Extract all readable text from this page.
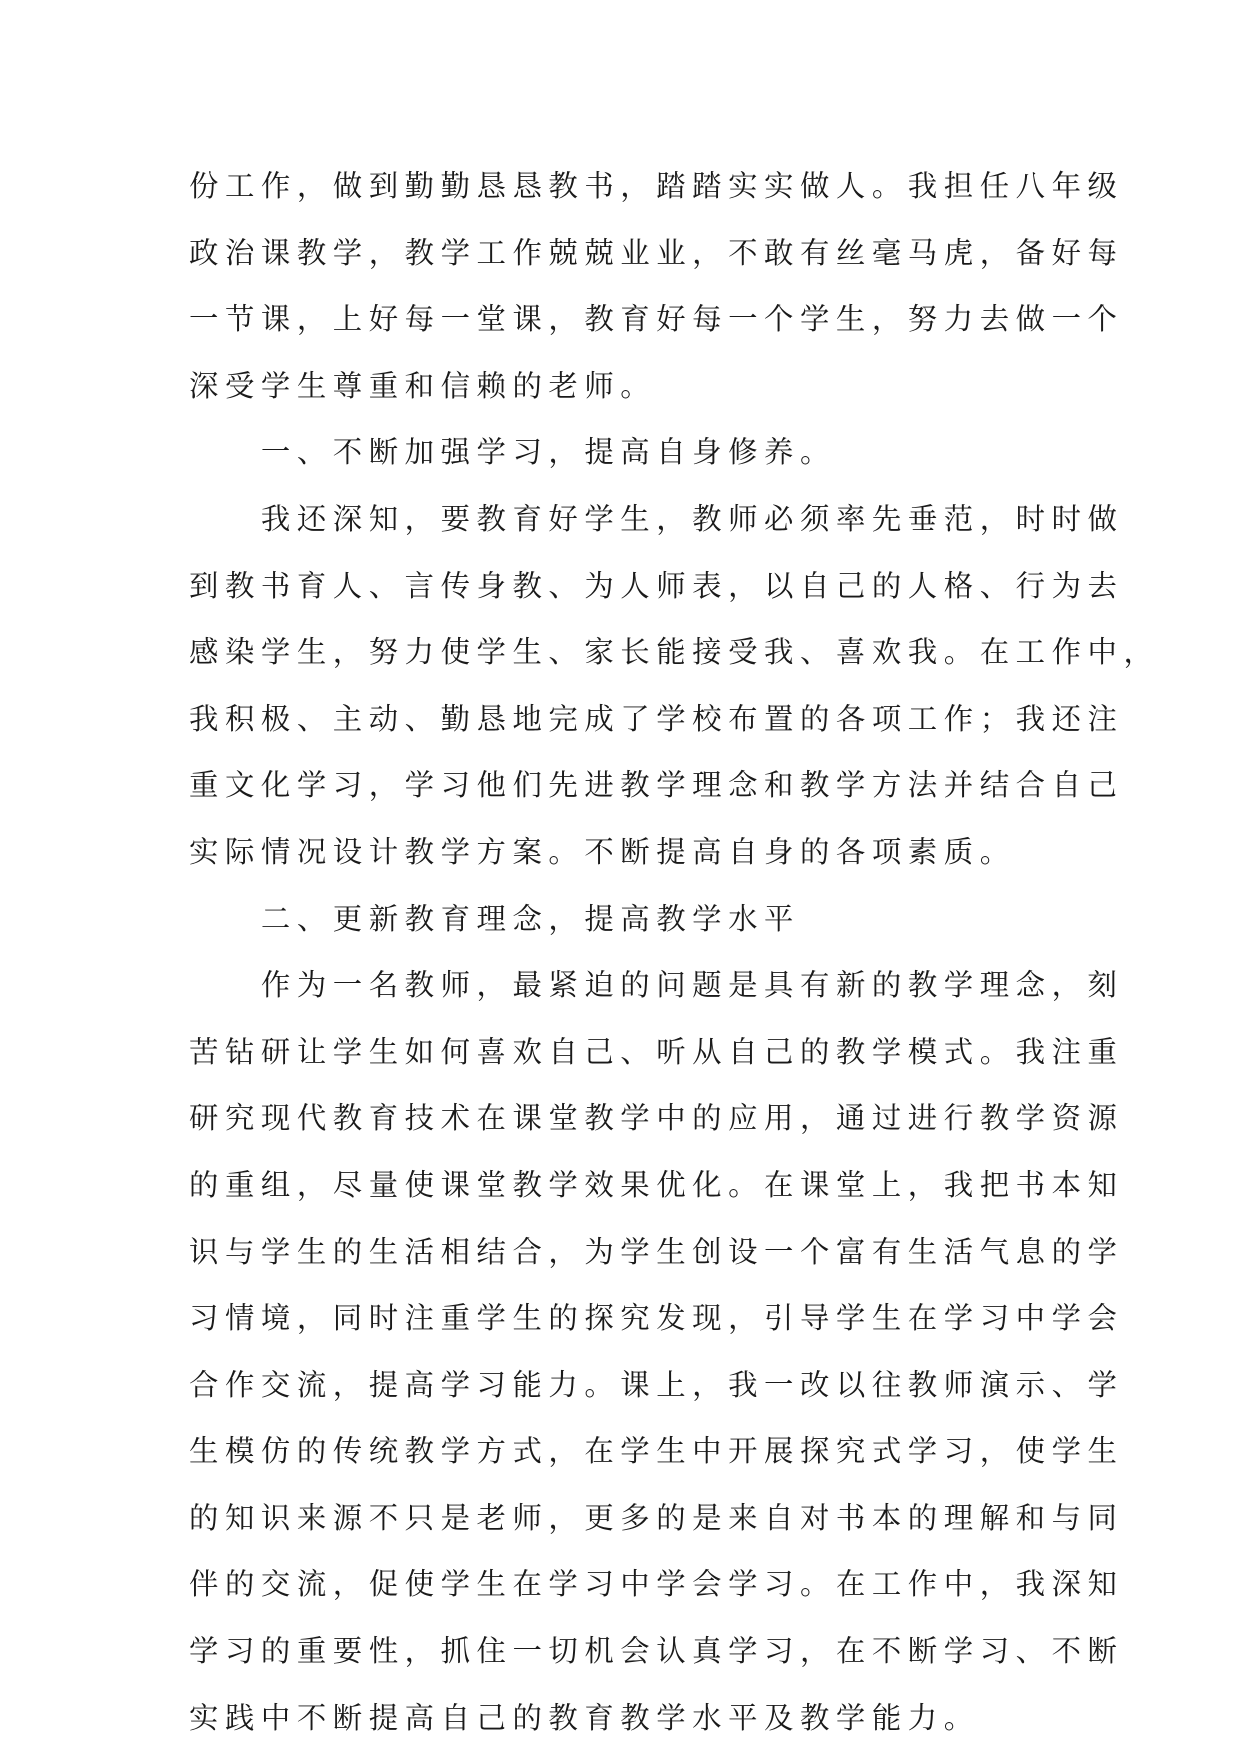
份工作，做到勤勤恳恳教书，踏踏实实做人。我担任八年级
政治课教学，教学工作兢兢业业，不敢有丝毫马虎，备好每
一节课，上好每一堂课，教育好每一个学生，努力去做一个
深受学生尊重和信赖的老师。
一、不断加强学习，提高自身修养。
我还深知，要教育好学生，教师必须率先垂范，时时做
到教书育人、言传身教、为人师表，以自己的人格、行为去
感染学生，努力使学生、家长能接受我、喜欢我。在工作中，
我积极、主动、勤恳地完成了学校布置的各项工作；我还注
重文化学习，学习他们先进教学理念和教学方法并结合自己
实际情况设计教学方案。不断提高自身的各项素质。
二、更新教育理念，提高教学水平
作为一名教师，最紧迫的问题是具有新的教学理念，刻
苦钻研让学生如何喜欢自己、听从自己的教学模式。我注重
研究现代教育技术在课堂教学中的应用，通过进行教学资源
的重组，尽量使课堂教学效果优化。在课堂上，我把书本知
识与学生的生活相结合，为学生创设一个富有生活气息的学
习情境，同时注重学生的探究发现，引导学生在学习中学会
合作交流，提高学习能力。课上，我一改以往教师演示、学
生模仿的传统教学方式，在学生中开展探究式学习，使学生
的知识来源不只是老师，更多的是来自对书本的理解和与同
伴的交流，促使学生在学习中学会学习。在工作中，我深知
学习的重要性，抓住一切机会认真学习，在不断学习、不断
实践中不断提高自己的教育教学水平及教学能力。
